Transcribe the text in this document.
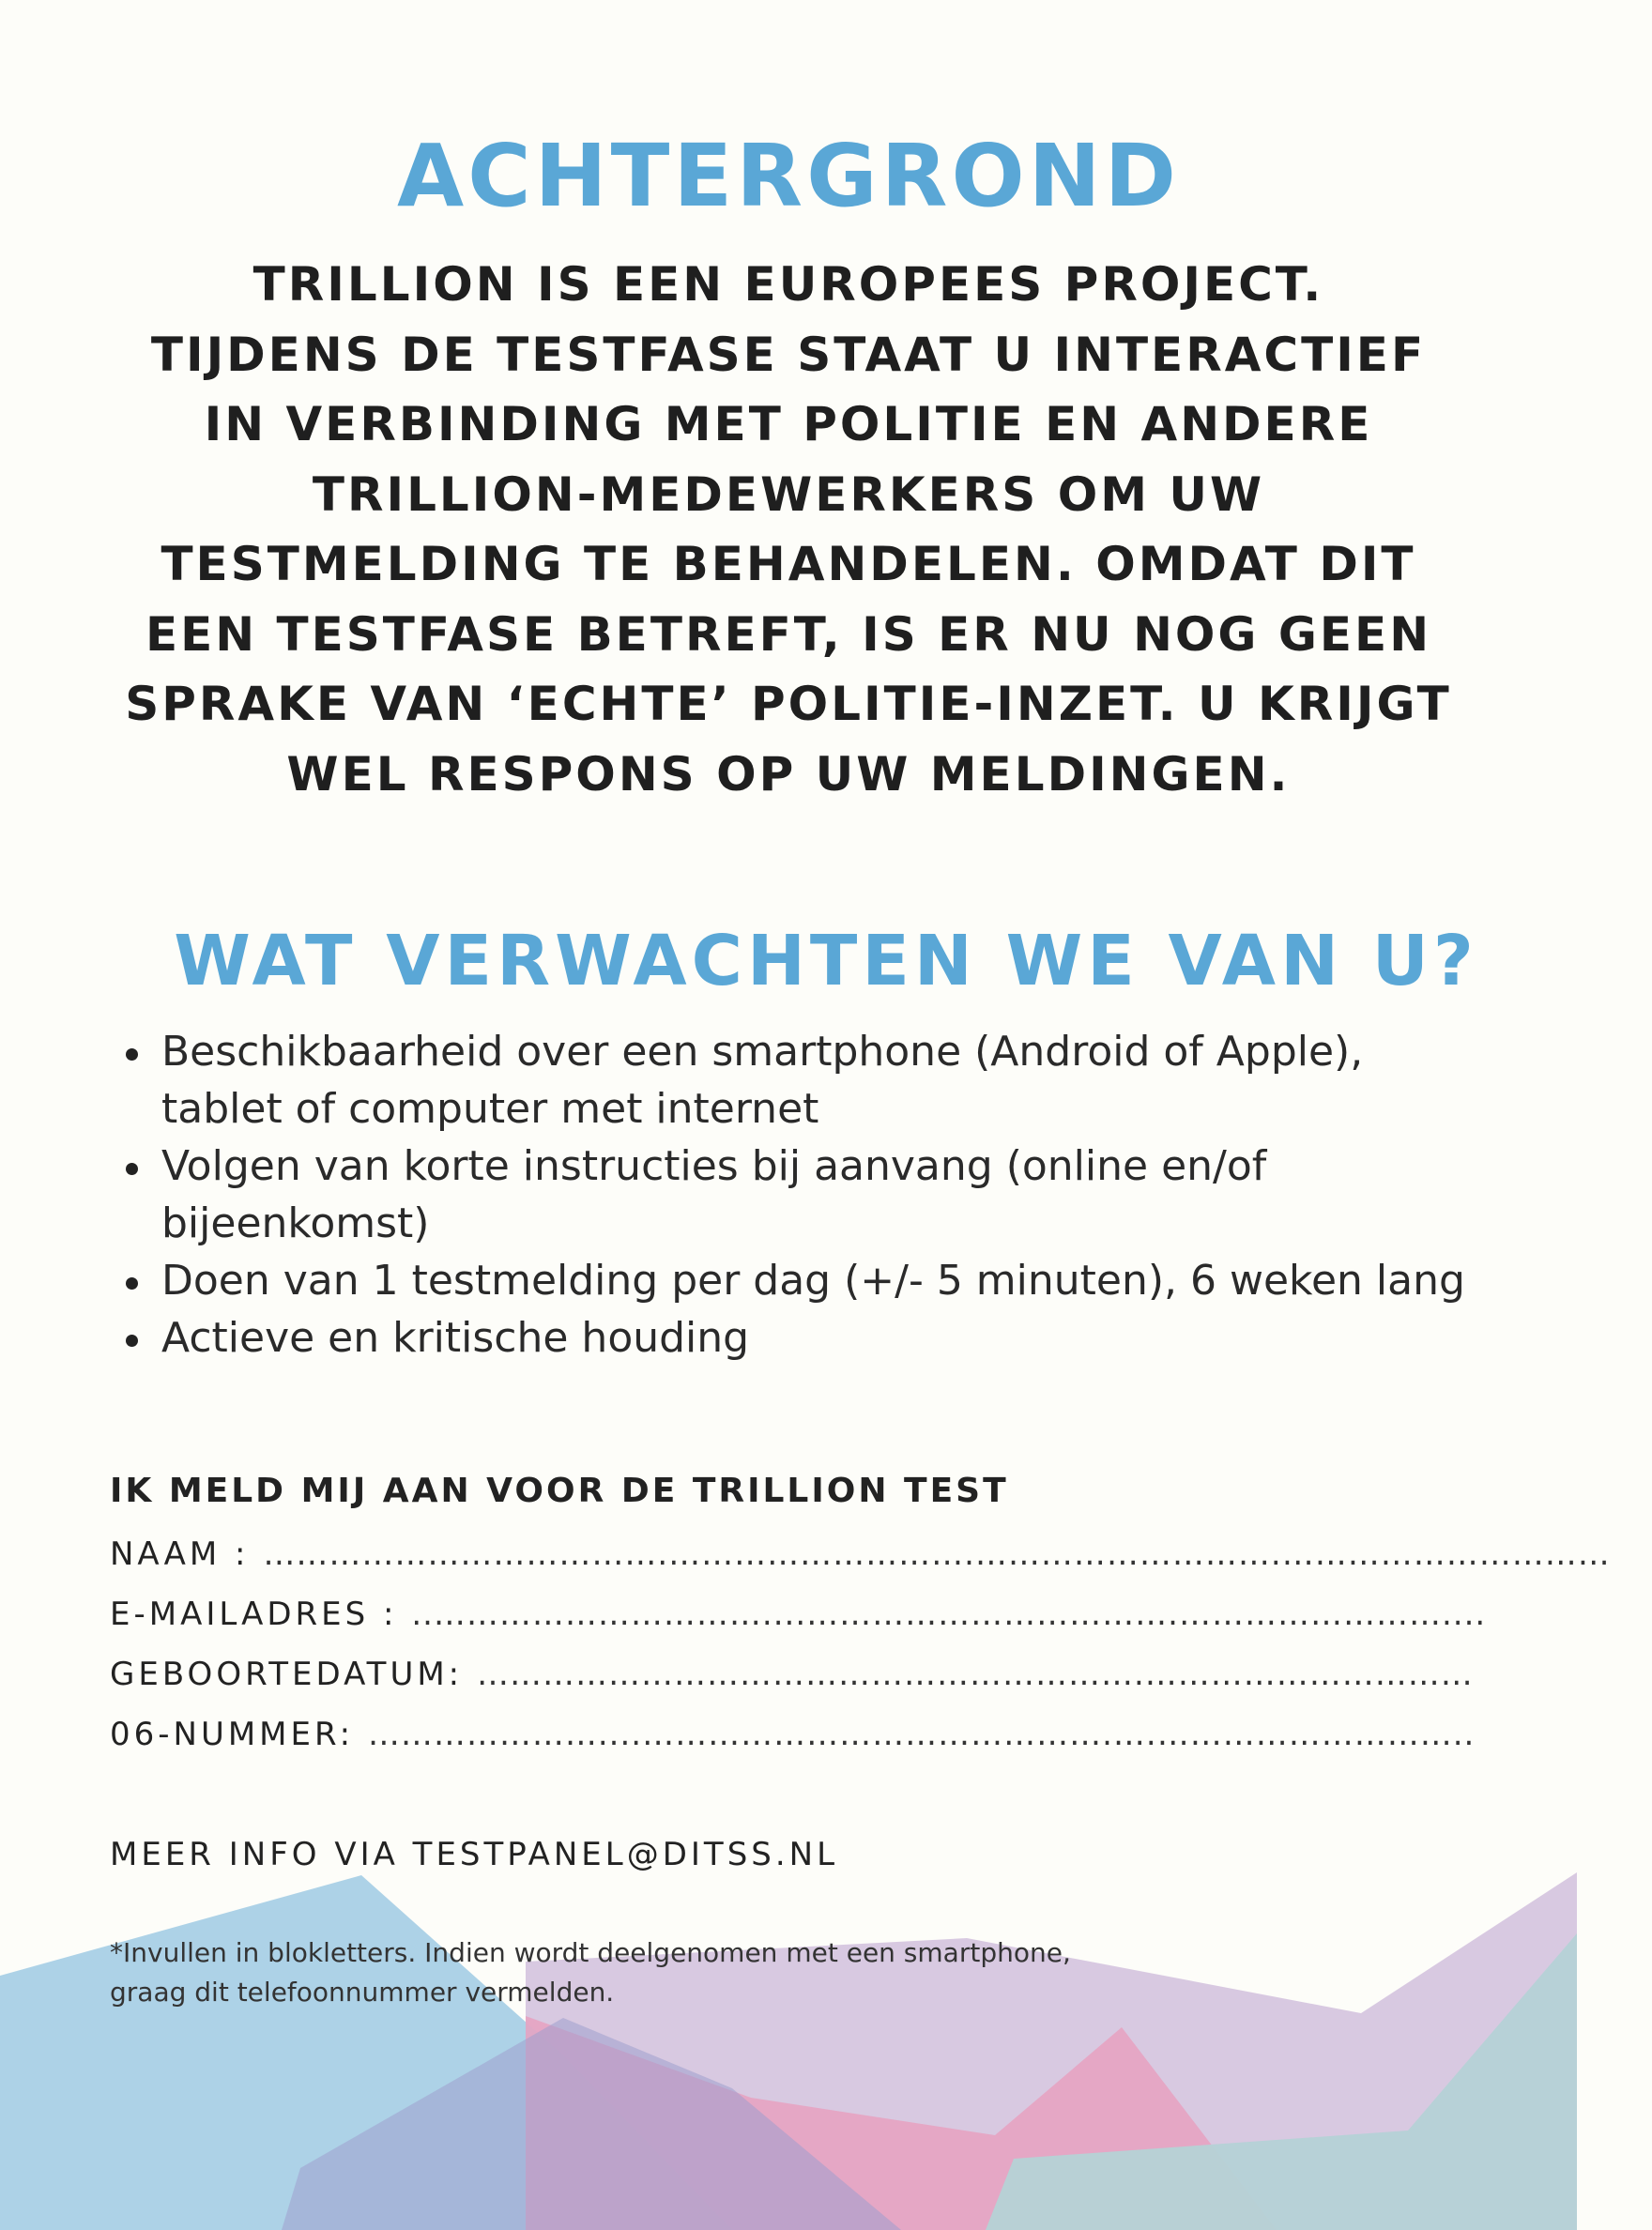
ACHTERGROND

TRILLION IS EEN EUROPEES PROJECT.
TIJDENS DE TESTFASE STAAT U INTERACTIEF
IN VERBINDING MET POLITIE EN ANDERE
TRILLION-MEDEWERKERS OM UW
TESTMELDING TE BEHANDELEN. OMDAT DIT
EEN TESTFASE BETREFT, IS ER NU NOG GEEN
SPRAKE VAN ‘ECHTE’ POLITIE-INZET. U KRIJGT
WEL RESPONS OP UW MELDINGEN.

WAT VERWACHTEN WE VAN U?
Beschikbaarheid over een smartphone (Android of Apple),
tablet of computer met internet
Volgen van korte instructies bij aanvang (online en/of
bijeenkomst)
Doen van 1 testmelding per dag (+/- 5 minuten), 6 weken lang
Actieve en kritische houding
IK MELD MIJ AAN VOOR DE TRILLION TEST
NAAM : ……………………………….……………………….……………………….…………………………
E-MAILADRES : ..…………………………....…………………………….……………………....
GEBOORTEDATUM: …………………………………………………….…………………………
06-NUMMER: …………………....…………………………………….….………………………..
MEER INFO VIA TESTPANEL@DITSS.NL
*Invullen in blokletters. Indien wordt deelgenomen met een smartphone,
graag dit telefoonnummer vermelden.
